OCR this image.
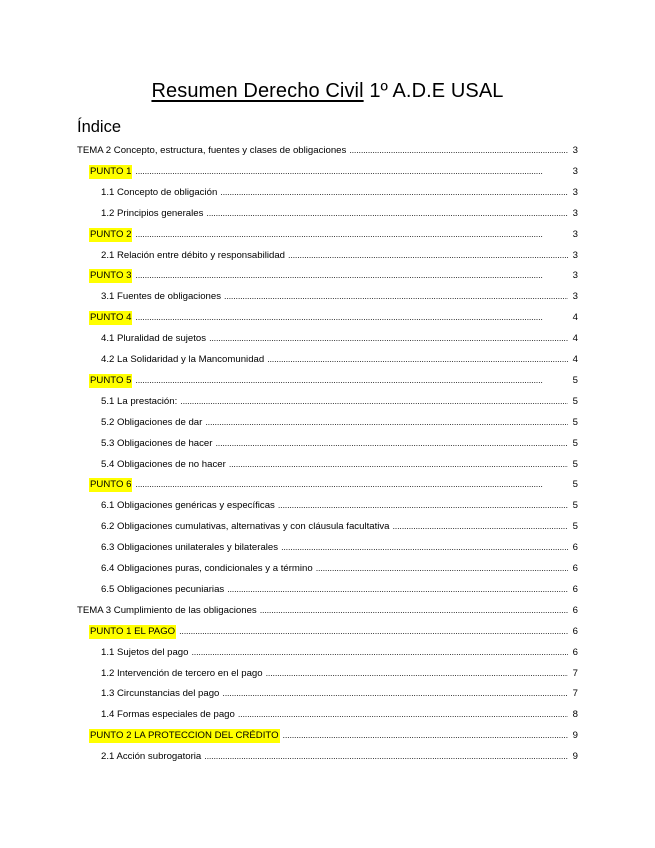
Resumen Derecho Civil 1º A.D.E USAL
Índice
TEMA 2 Concepto, estructura, fuentes y clases de obligaciones . . .	3
PUNTO 1 . . .	3
1.1 Concepto de obligación . . .	3
1.2 Principios generales . . .	3
PUNTO 2 . . .	3
2.1 Relación entre débito y responsabilidad . . .	3
PUNTO 3 . . .	3
3.1 Fuentes de obligaciones . . .	3
PUNTO 4 . . .	4
4.1 Pluralidad de sujetos . . .	4
4.2 La Solidaridad y la Mancomunidad . . .	4
PUNTO 5 . . .	5
5.1 La prestación: . . .	5
5.2 Obligaciones de dar . . .	5
5.3 Obligaciones de hacer . . .	5
5.4 Obligaciones de no hacer . . .	5
PUNTO 6 . . .	5
6.1 Obligaciones genéricas y específicas . . .	5
6.2 Obligaciones cumulativas, alternativas y con cláusula facultativa . . .	5
6.3 Obligaciones unilaterales y bilaterales . . .	6
6.4 Obligaciones puras, condicionales y a término . . .	6
6.5 Obligaciones pecuniarias . . .	6
TEMA 3 Cumplimiento de las obligaciones . . .	6
PUNTO 1 EL PAGO . . .	6
1.1 Sujetos del pago . . .	6
1.2 Intervención de tercero en el pago . . .	7
1.3 Circunstancias del pago . . .	7
1.4 Formas especiales de pago . . .	8
PUNTO 2 LA PROTECCION DEL CRÉDITO . . .	9
2.1 Acción subrogatoria . . .	9
